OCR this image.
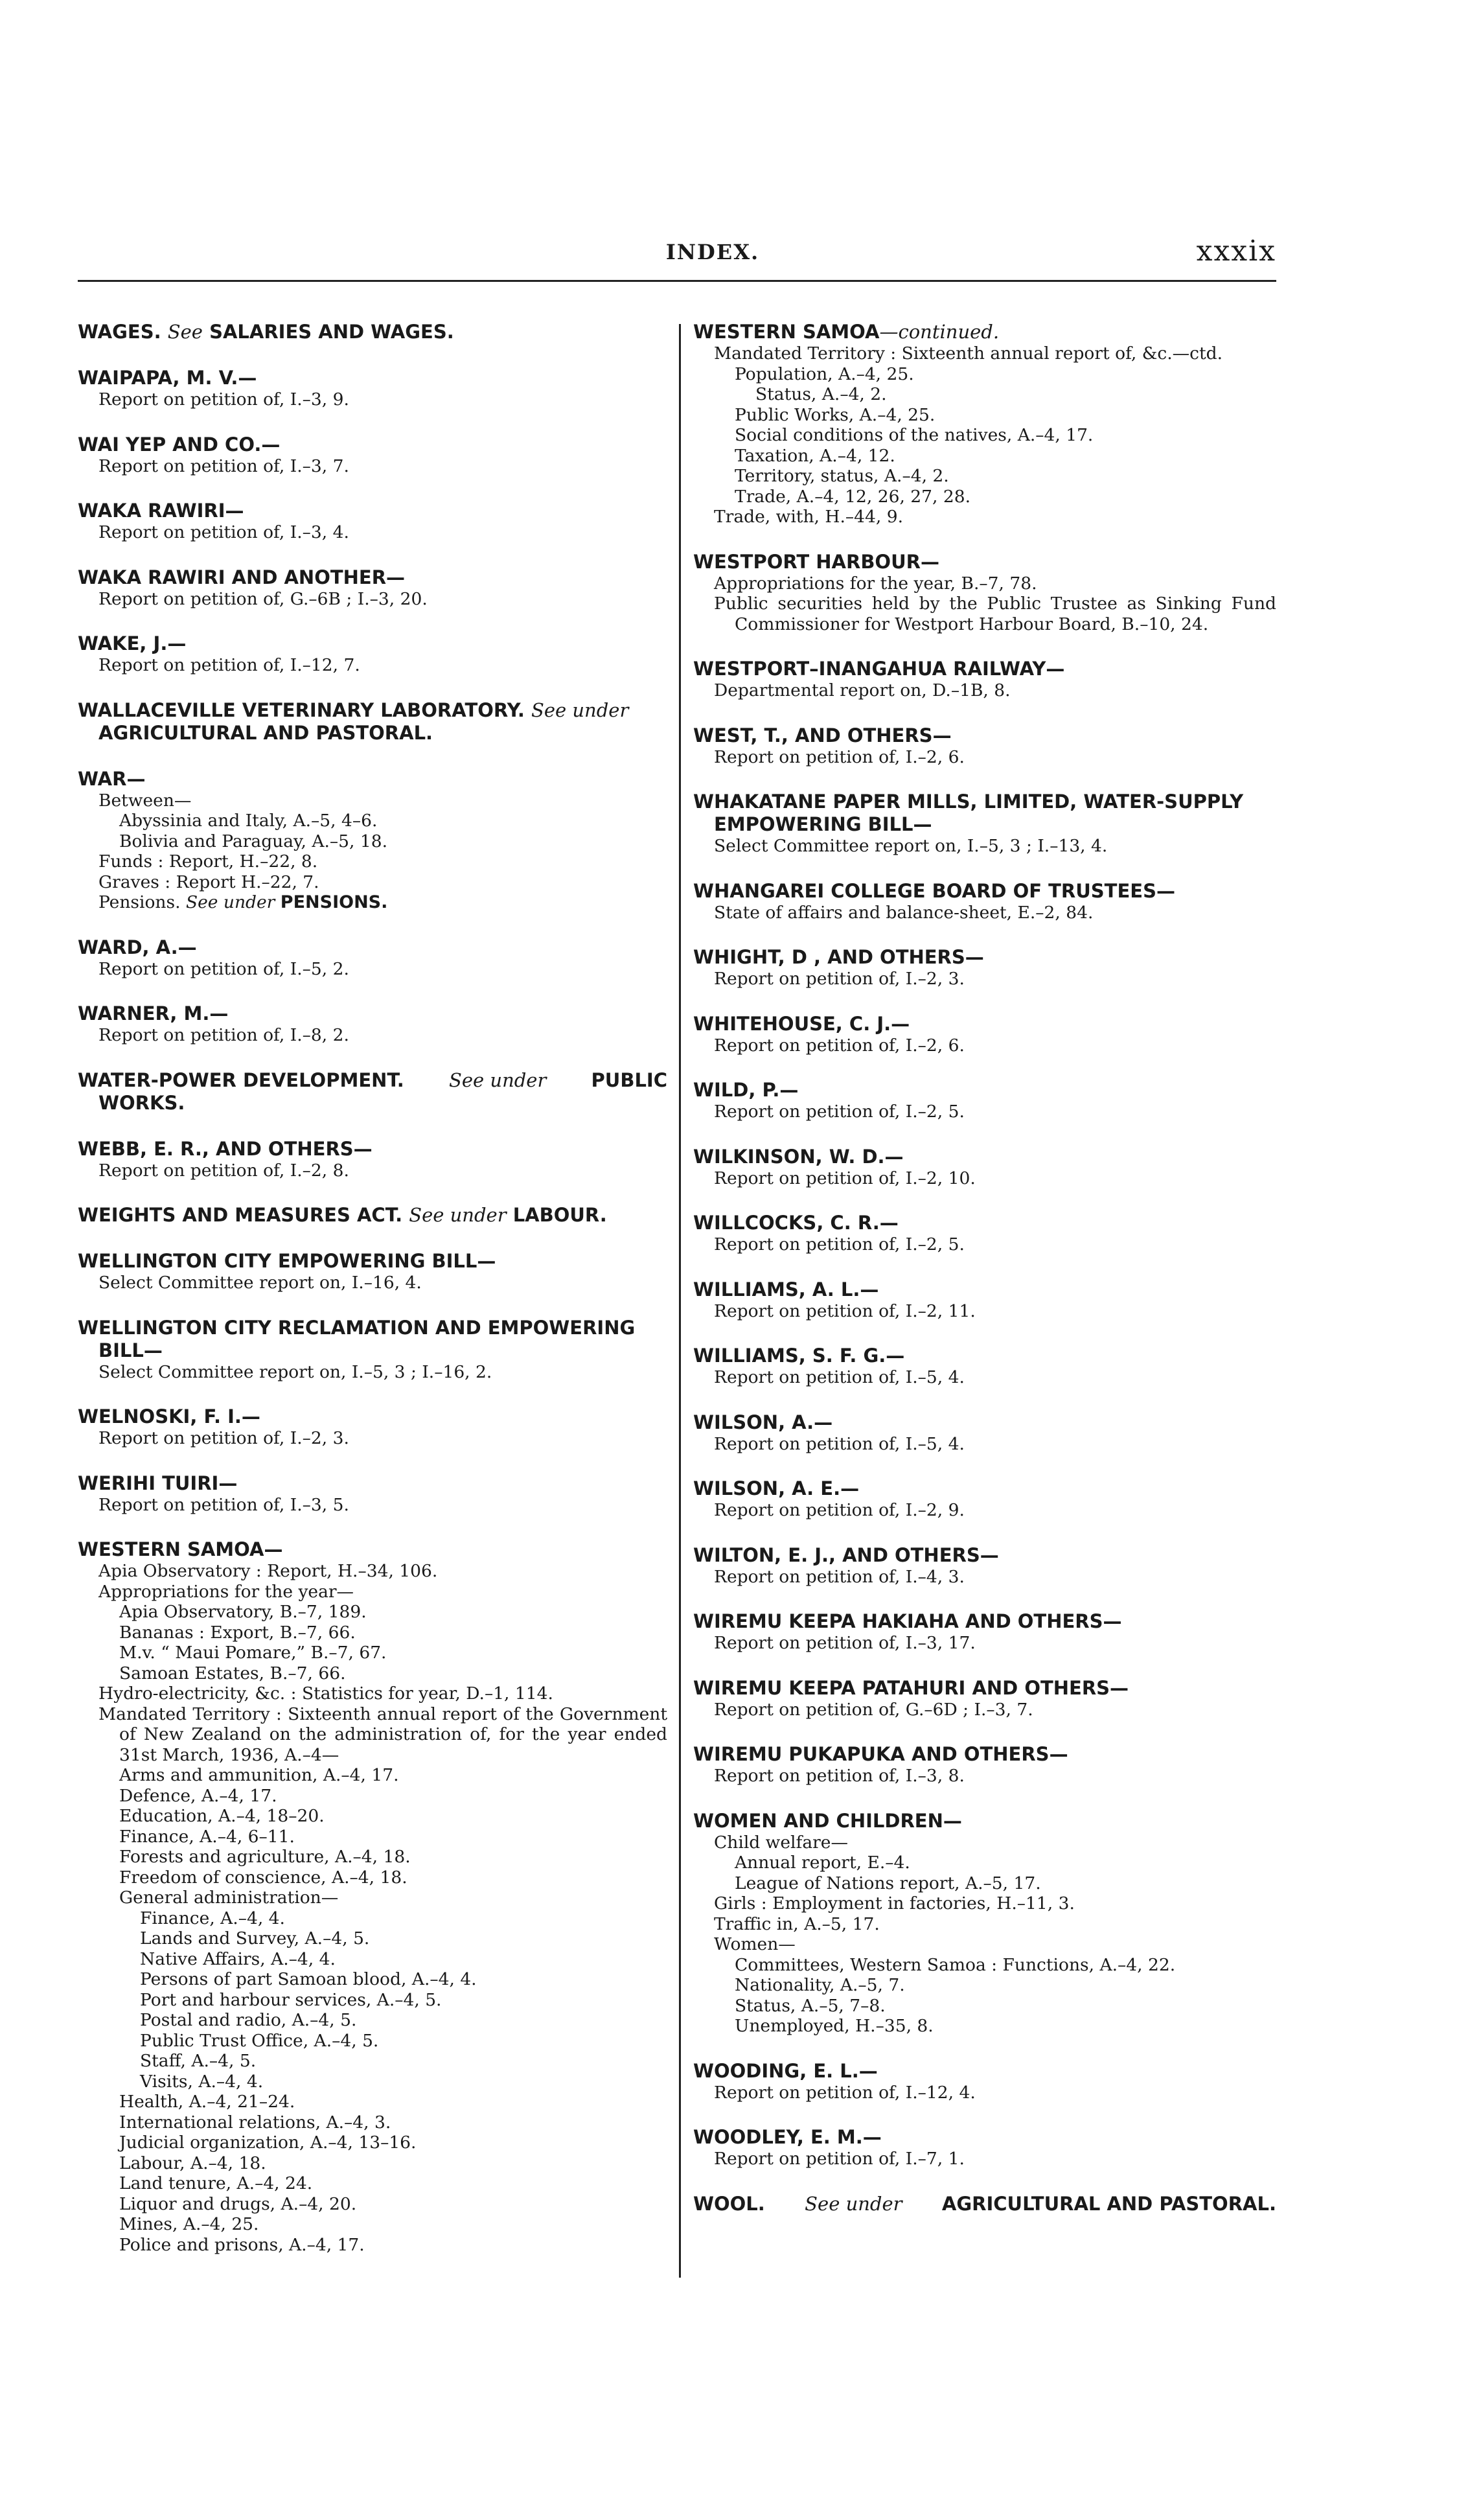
INDEX.	xxxix
WAGES. See SALARIES AND WAGES.
WAIPAPA, M. V.—
Report on petition of, I.–3, 9.
WAI YEP AND CO.—
Report on petition of, I.–3, 7.
WAKA RAWIRI—
Report on petition of, I.–3, 4.
WAKA RAWIRI AND ANOTHER—
Report on petition of, G.–6B ; I.–3, 20.
WAKE, J.—
Report on petition of, I.–12, 7.
WALLACEVILLE VETERINARY LABORATORY. See under
AGRICULTURAL AND PASTORAL.
WAR—
Between—
Abyssinia and Italy, A.–5, 4–6.
Bolivia and Paraguay, A.–5, 18.
Funds : Report, H.–22, 8.
Graves : Report H.–22, 7.
Pensions. See under PENSIONS.
WARD, A.—
Report on petition of, I.–5, 2.
WARNER, M.—
Report on petition of, I.–8, 2.
WATER-POWER DEVELOPMENT. See under PUBLIC
WORKS.
WEBB, E. R., AND OTHERS—
Report on petition of, I.–2, 8.
WEIGHTS AND MEASURES ACT. See under LABOUR.
WELLINGTON CITY EMPOWERING BILL—
Select Committee report on, I.–16, 4.
WELLINGTON CITY RECLAMATION AND EMPOWERING
BILL—
Select Committee report on, I.–5, 3 ; I.–16, 2.
WELNOSKI, F. I.—
Report on petition of, I.–2, 3.
WERIHI TUIRI—
Report on petition of, I.–3, 5.
WESTERN SAMOA—
Apia Observatory : Report, H.–34, 106.
Appropriations for the year—
Apia Observatory, B.–7, 189.
Bananas : Export, B.–7, 66.
M.v. “ Maui Pomare,” B.–7, 67.
Samoan Estates, B.–7, 66.
Hydro-electricity, &c. : Statistics for year, D.–1, 114.
Mandated Territory : Sixteenth annual report of the Government of New Zealand on the administration of, for the year ended 31st March, 1936, A.–4—
Arms and ammunition, A.–4, 17.
Defence, A.–4, 17.
Education, A.–4, 18–20.
Finance, A.–4, 6–11.
Forests and agriculture, A.–4, 18.
Freedom of conscience, A.–4, 18.
General administration—
Finance, A.–4, 4.
Lands and Survey, A.–4, 5.
Native Affairs, A.–4, 4.
Persons of part Samoan blood, A.–4, 4.
Port and harbour services, A.–4, 5.
Postal and radio, A.–4, 5.
Public Trust Office, A.–4, 5.
Staff, A.–4, 5.
Visits, A.–4, 4.
Health, A.–4, 21–24.
International relations, A.–4, 3.
Judicial organization, A.–4, 13–16.
Labour, A.–4, 18.
Land tenure, A.–4, 24.
Liquor and drugs, A.–4, 20.
Mines, A.–4, 25.
Police and prisons, A.–4, 17.
WESTERN SAMOA—continued.
Mandated Territory : Sixteenth annual report of, &c.—ctd.
Population, A.–4, 25.
Status, A.–4, 2.
Public Works, A.–4, 25.
Social conditions of the natives, A.–4, 17.
Taxation, A.–4, 12.
Territory, status, A.–4, 2.
Trade, A.–4, 12, 26, 27, 28.
Trade, with, H.–44, 9.
WESTPORT HARBOUR—
Appropriations for the year, B.–7, 78.
Public securities held by the Public Trustee as Sinking Fund Commissioner for Westport Harbour Board, B.–10, 24.
WESTPORT–INANGAHUA RAILWAY—
Departmental report on, D.–1B, 8.
WEST, T., AND OTHERS—
Report on petition of, I.–2, 6.
WHAKATANE PAPER MILLS, LIMITED, WATER-SUPPLY
EMPOWERING BILL—
Select Committee report on, I.–5, 3 ; I.–13, 4.
WHANGAREI COLLEGE BOARD OF TRUSTEES—
State of affairs and balance-sheet, E.–2, 84.
WHIGHT, D , AND OTHERS—
Report on petition of, I.–2, 3.
WHITEHOUSE, C. J.—
Report on petition of, I.–2, 6.
WILD, P.—
Report on petition of, I.–2, 5.
WILKINSON, W. D.—
Report on petition of, I.–2, 10.
WILLCOCKS, C. R.—
Report on petition of, I.–2, 5.
WILLIAMS, A. L.—
Report on petition of, I.–2, 11.
WILLIAMS, S. F. G.—
Report on petition of, I.–5, 4.
WILSON, A.—
Report on petition of, I.–5, 4.
WILSON, A. E.—
Report on petition of, I.–2, 9.
WILTON, E. J., AND OTHERS—
Report on petition of, I.–4, 3.
WIREMU KEEPA HAKIAHA AND OTHERS—
Report on petition of, I.–3, 17.
WIREMU KEEPA PATAHURI AND OTHERS—
Report on petition of, G.–6D ; I.–3, 7.
WIREMU PUKAPUKA AND OTHERS—
Report on petition of, I.–3, 8.
WOMEN AND CHILDREN—
Child welfare—
Annual report, E.–4.
League of Nations report, A.–5, 17.
Girls : Employment in factories, H.–11, 3.
Traffic in, A.–5, 17.
Women—
Committees, Western Samoa : Functions, A.–4, 22.
Nationality, A.–5, 7.
Status, A.–5, 7–8.
Unemployed, H.–35, 8.
WOODING, E. L.—
Report on petition of, I.–12, 4.
WOODLEY, E. M.—
Report on petition of, I.–7, 1.
WOOL. See under AGRICULTURAL AND PASTORAL.
